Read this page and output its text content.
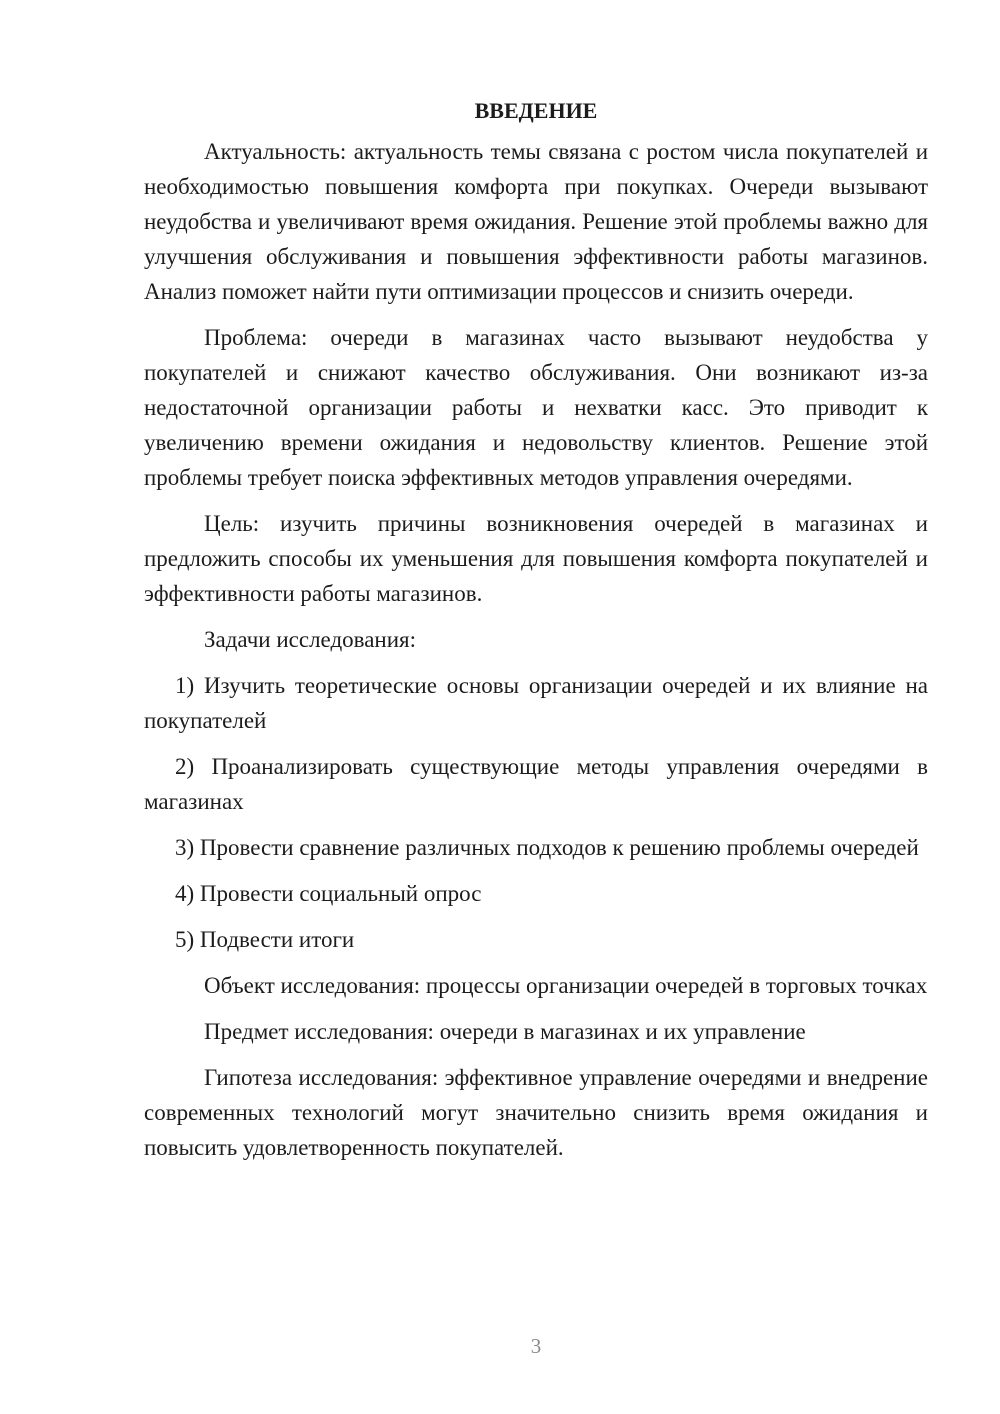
ВВЕДЕНИЕ

Актуальность: актуальность темы связана с ростом числа покупателей и необходимостью повышения комфорта при покупках. Очереди вызывают неудобства и увеличивают время ожидания. Решение этой проблемы важно для улучшения обслуживания и повышения эффективности работы магазинов. Анализ поможет найти пути оптимизации процессов и снизить очереди.

Проблема: очереди в магазинах часто вызывают неудобства у покупателей и снижают качество обслуживания. Они возникают из-за недостаточной организации работы и нехватки касс. Это приводит к увеличению времени ожидания и недовольству клиентов. Решение этой проблемы требует поиска эффективных методов управления очередями.

Цель: изучить причины возникновения очередей в магазинах и предложить способы их уменьшения для повышения комфорта покупателей и эффективности работы магазинов.

Задачи исследования:

1) Изучить теоретические основы организации очередей и их влияние на покупателей

2) Проанализировать существующие методы управления очередями в магазинах

3) Провести сравнение различных подходов к решению проблемы очередей

4) Провести социальный опрос

5) Подвести итоги

Объект исследования: процессы организации очередей в торговых точках

Предмет исследования: очереди в магазинах и их управление

Гипотеза исследования: эффективное управление очередями и внедрение современных технологий могут значительно снизить время ожидания и повысить удовлетворенность покупателей.

3
